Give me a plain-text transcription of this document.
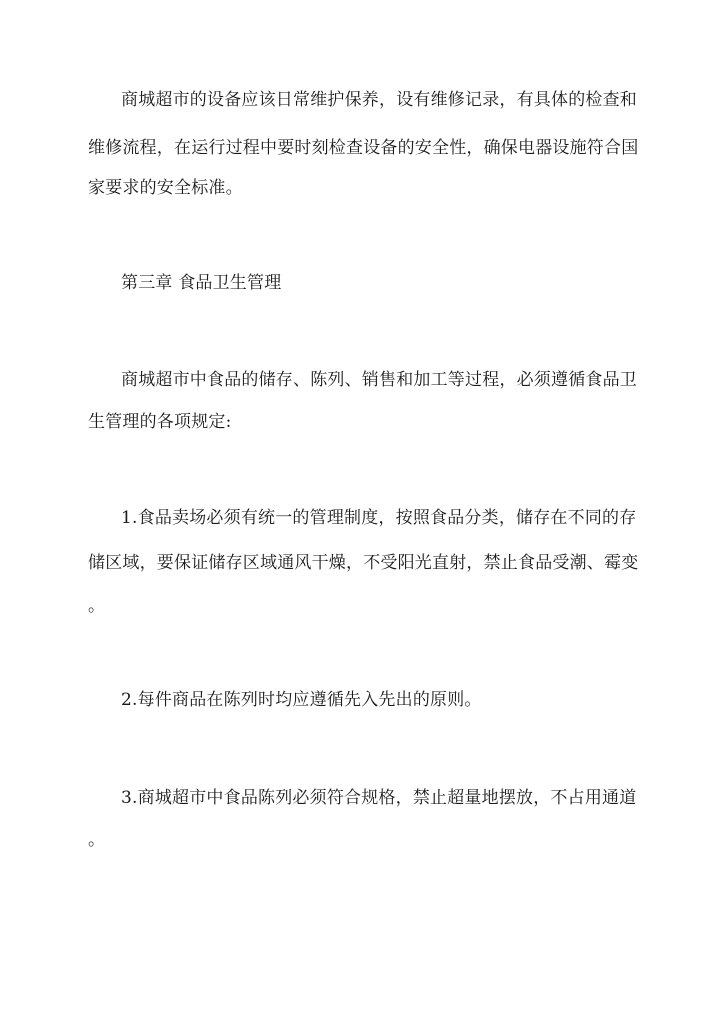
商城超市的设备应该日常维护保养，设有维修记录，有具体的检查和
维修流程，在运行过程中要时刻检查设备的安全性，确保电器设施符合国
家要求的安全标准。
第三章 食品卫生管理
商城超市中食品的储存、陈列、销售和加工等过程，必须遵循食品卫
生管理的各项规定:
1.食品卖场必须有统一的管理制度，按照食品分类，储存在不同的存
储区域，要保证储存区域通风干燥，不受阳光直射，禁止食品受潮、霉变
。
2.每件商品在陈列时均应遵循先入先出的原则。
3.商城超市中食品陈列必须符合规格，禁止超量地摆放，不占用通道
。
